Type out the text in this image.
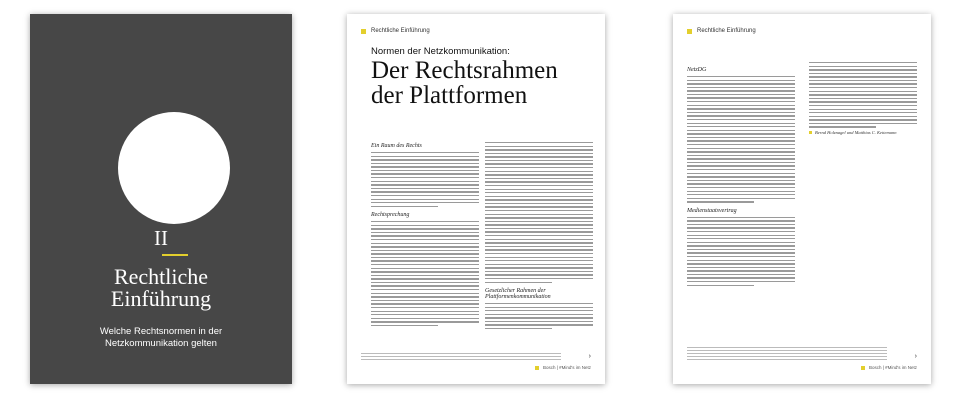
II
Rechtliche
Einführung
Welche Rechtsnormen in der
Netzkommunikation gelten
Rechtliche Einführung
Normen der Netzkommunikation:
Der Rechtsrahmen
der Plattformen
Ein Raum des Rechts
Rechtsprechung
Gesetzlicher Rahmen der Plattformenkommunikation
›
Bosch | #Mind's im Netz
Rechtliche Einführung
NetzDG
Medienstaatsvertrag
Bernd Holznagel und Matthias C. Kettemann
›
Bosch | #Mind's im Netz
